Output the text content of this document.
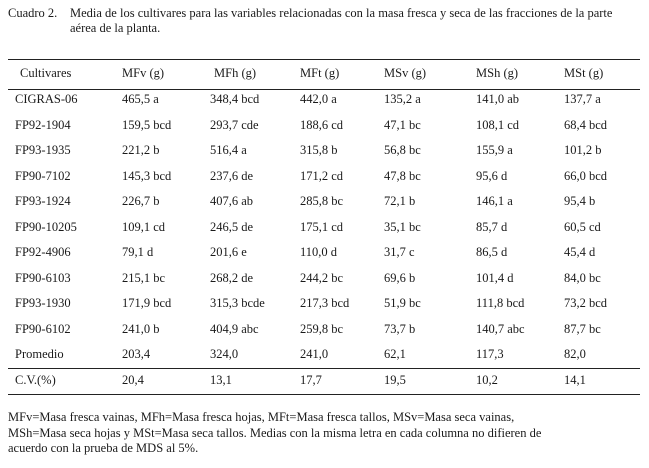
Cuadro 2. Media de los cultivares para las variables relacionadas con la masa fresca y seca de las fracciones de la parte aérea de la planta.
Cultivares	MFv (g)	MFh (g)	MFt (g)	MSv (g)	MSh (g)	MSt (g)
CIGRAS-06	465,5 a	348,4 bcd	442,0 a	135,2 a	141,0 ab	137,7 a
FP92-1904	159,5 bcd	293,7 cde	188,6 cd	47,1 bc	108,1 cd	68,4 bcd
FP93-1935	221,2 b	516,4 a	315,8 b	56,8 bc	155,9 a	101,2 b
FP90-7102	145,3 bcd	237,6 de	171,2 cd	47,8 bc	95,6 d	66,0 bcd
FP93-1924	226,7 b	407,6 ab	285,8 bc	72,1 b	146,1 a	95,4 b
FP90-10205	109,1 cd	246,5 de	175,1 cd	35,1 bc	85,7 d	60,5 cd
FP92-4906	79,1 d	201,6 e	110,0 d	31,7 c	86,5 d	45,4 d
FP90-6103	215,1 bc	268,2 de	244,2 bc	69,6 b	101,4 d	84,0 bc
FP93-1930	171,9 bcd	315,3 bcde	217,3 bcd	51,9 bc	111,8 bcd	73,2 bcd
FP90-6102	241,0 b	404,9 abc	259,8 bc	73,7 b	140,7 abc	87,7 bc
Promedio	203,4	324,0	241,0	62,1	117,3	82,0
C.V.(%)	20,4	13,1	17,7	19,5	10,2	14,1
MFv=Masa fresca vainas, MFh=Masa fresca hojas, MFt=Masa fresca tallos, MSv=Masa seca vainas,
MSh=Masa seca hojas y MSt=Masa seca tallos. Medias con la misma letra en cada columna no difieren de
acuerdo con la prueba de MDS al 5%.
